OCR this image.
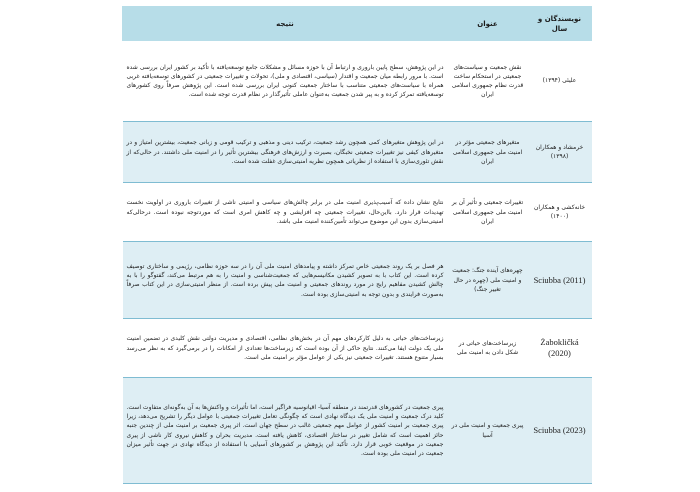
نویسندگان و سال	عنوان	نتیجه
علیئی (۱۳۹۴)	نقش جمعیت و سیاست‌های جمعیتی در استحکام ساخت قدرت نظام جمهوری اسلامی ایران	در این پژوهش، سطح پایین باروری و ارتباط آن با حوزه مسائل و مشکلات جامع توسعه‌یافته با تأکید بر کشور ایران بررسی شده است. با مرور رابطه میان جمعیت و اقتدار (سیاسی، اقتصادی و ملی)، تحولات و تغییرات جمعیتی در کشورهای توسعه‌یافته غربی همراه با سیاست‌های جمعیتی متناسب با ساختار جمعیت کنونی ایران بررسی شده است. این پژوهش صرفاً روی کشورهای توسعه‌یافته تمرکز کرده و به پیر شدن جمعیت به‌عنوان عاملی تأثیرگذار در نظام قدرت توجه شده است.
خرمشاد و همکاران (۱۳۹۸)	متغیرهای جمعیتی مؤثر در امنیت ملی جمهوری اسلامی ایران	در این پژوهش متغیرهای کمی همچون رشد جمعیت، ترکیب دینی و مذهبی و ترکیب قومی و زبانی جمعیت، بیشترین امتیاز و در متغیرهای کیفی نیز تغییرات جمعیتی نخبگان، بصیرت و ارزش‌های فرهنگی بیشترین تأثیر را در امنیت ملی داشتند. در حالی‌که از نقش تئوری‌سازی با استفاده از نظریاتی همچون نظریه امنیتی‌سازی غفلت شده است.
خانه‌کشی و همکاران (۱۴۰۰)	تغییرات جمعیتی و تأثیر آن بر امنیت ملی جمهوری اسلامی ایران	نتایج نشان داده که آسیب‌پذیری امنیت ملی در برابر چالش‌های سیاسی و امنیتی ناشی از تغییرات باروری در اولویت نخست تهدیدات قرار دارد. بااین‌حال، تغییرات جمعیتی چه افزایشی و چه کاهش امری است که موردتوجه نبوده است. درحالی‌که امنیتی‌سازی بدون این موضوع می‌تواند تأمین‌کننده امنیت ملی باشد.
Sciubba (2011)	چهره‌های آینده جنگ: جمعیت و امنیت ملی (چهره در حال تغییر جنگ)	هر فصل بر یک روند جمعیتی خاص تمرکز داشته و پیامدهای امنیت ملی آن را در سه حوزه نظامی، رژیمی و ساختاری توصیف کرده است. این کتاب با به تصویر کشیدن مکانیسم‌هایی که جمعیت‌شناسی و امنیت را به هم مرتبط می‌کند، گفتوگو را با به چالش کشیدن مفاهیم رایج در مورد روندهای جمعیتی و امنیت ملی پیش برده است. از منظر امنیتی‌سازی در این کتاب صرفاً به‌صورت فرایندی و بدون توجه به امنیتی‌سازی بوده است.
Żabokličká (2020)	زیرساخت‌های حیاتی در شکل دادن به امنیت ملی	زیرساخت‌های حیاتی به دلیل کارکردهای مهم آن در بخش‌های نظامی، اقتصادی و مدیریت دولتی نقش کلیدی در تضمین امنیت ملی یک دولت ایفا می‌کنند. نتایج حاکی از آن بوده است که زیرساخت‌ها تعدادی از امکانات را در برمی‌گیرد که به نظر می‌رسد بسیار متنوع هستند. تغییرات جمعیتی نیز یکی از عوامل مؤثر بر امنیت ملی است.
Sciubba (2023)	پیری جمعیت و امنیت ملی در آسیا	پیری جمعیت در کشورهای قدرتمند در منطقه آسیا- اقیانوسیه فراگیر است، اما تأثیرات و واکنش‌ها به آن به‌گونه‌ای متفاوت است. کلید درک جمعیت و امنیت ملی یک دیدگاه نهادی است که چگونگی تعامل تغییرات جمعیتی با عوامل دیگر را تشریح می‌دهد، زیرا پیری جمعیت بر امنیت کشور از عوامل مهم جمعیتی غالب در سطح جهان است. اثر پیری جمعیت بر امنیت ملی از چندین جنبه حائز اهمیت است که شامل تغییر در ساختار اقتصادی، کاهش یافته است. مدیریت بحران و کاهش نیروی کار ناشی از پیری جمعیت در موقعیت خوبی قرار دارد. تأکید این پژوهش بر کشورهای آسیایی با استفاده از دیدگاه نهادی در جهت تأثیر میزان جمعیت در امنیت ملی بوده است.
